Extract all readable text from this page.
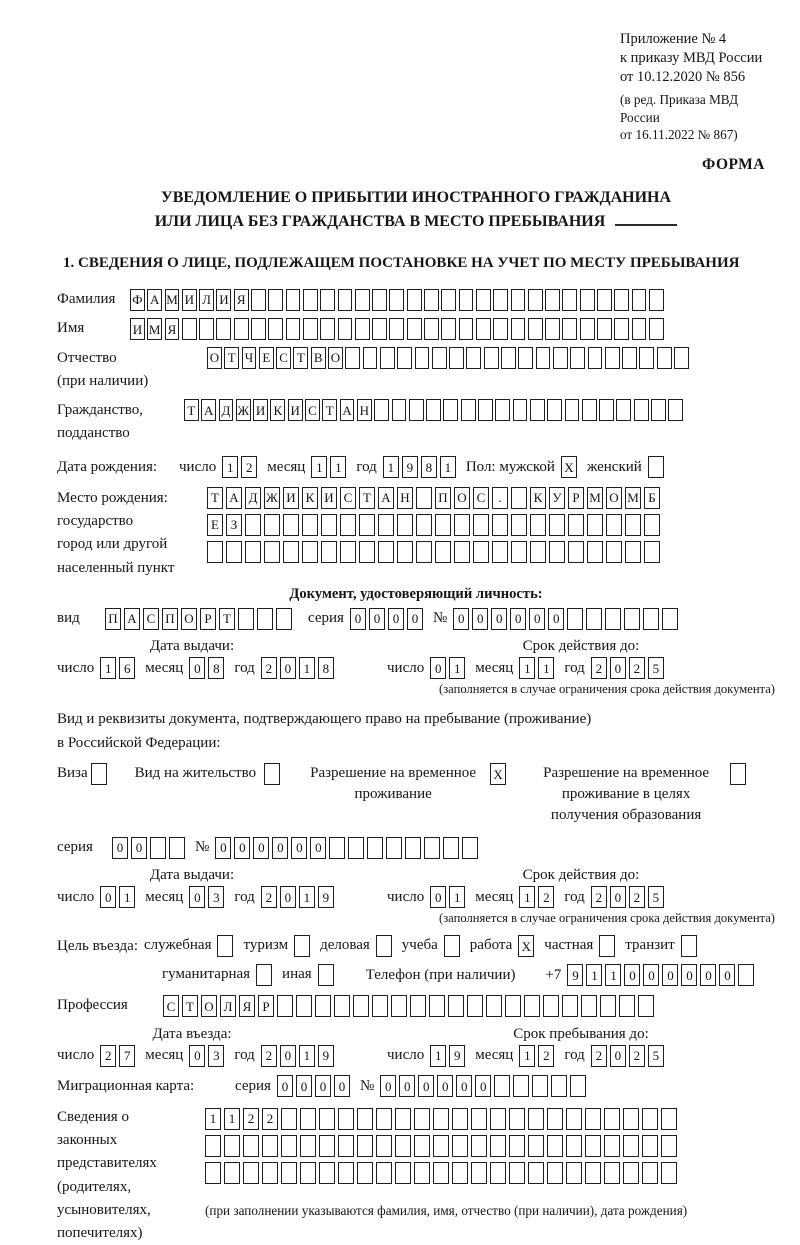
Приложение № 4
к приказу МВД России
от 10.12.2020 № 856
(в ред. Приказа МВД России
от 16.11.2022 № 867)
ФОРМА
УВЕДОМЛЕНИЕ О ПРИБЫТИИ ИНОСТРАННОГО ГРАЖДАНИНА
ИЛИ ЛИЦА БЕЗ ГРАЖДАНСТВА В МЕСТО ПРЕБЫВАНИЯ
1. СВЕДЕНИЯ О ЛИЦЕ, ПОДЛЕЖАЩЕМ ПОСТАНОВКЕ НА УЧЕТ ПО МЕСТУ ПРЕБЫВАНИЯ
Фамилия	Ф А М И Л И Я
Имя	И М Я
Отчество
(при наличии)
О Т Ч Е С Т В О
Гражданство,
подданство
Т А Д Ж И К И С Т А Н
Дата рождения:	число 1 2 месяц 1 1 год 1 9 8 1 Пол: мужской X женский
Место рождения:
государство
город или другой
населенный пункт
Т А Д Ж И К И С Т А Н П О С	.	К У Р М О М Б
Е З
Документ, удостоверяющий личность:
вид	П А С П О Р Т	серия 0 0 0 0 № 0 0 0 0 0 0
Дата выдачи:
число 1 6 месяц 0 8 год 2 0 1 8
Срок действия до:
число 0 1 месяц 1 1 год 2 0 2 5
(заполняется в случае ограничения срока действия документа)
Вид и реквизиты документа, подтверждающего право на пребывание (проживание)
в Российской Федерации:
Виза	Вид на жительство	Разрешение на временное проживание
X	Разрешение на временное проживание в целях получения образования
серия	0 0	№ 0 0 0 0 0 0
Дата выдачи:
число 0 1 месяц 0 3 год 2 0 1 9
Срок действия до:
число 0 1 месяц 1 2 год 2 0 2 5
(заполняется в случае ограничения срока действия документа)
Цель въезда: служебная туризм деловая учеба работа X частная транзит
гуманитарная иная	Телефон (при наличии) +7 9 1 1 0 0 0 0 0 0
Профессия	С Т О Л Я Р
Дата въезда:
число 2 7 месяц 0 3 год 2 0 1 9
Срок пребывания до:
число 1 9 месяц 1 2 год 2 0 2 5
Миграционная карта:	серия 0 0 0 0 № 0 0 0 0 0 0
Сведения о
законных
представителях
(родителях,
усыновителях,
попечителях)
1 1 2 2
(при заполнении указываются фамилия, имя, отчество (при наличии), дата рождения)
